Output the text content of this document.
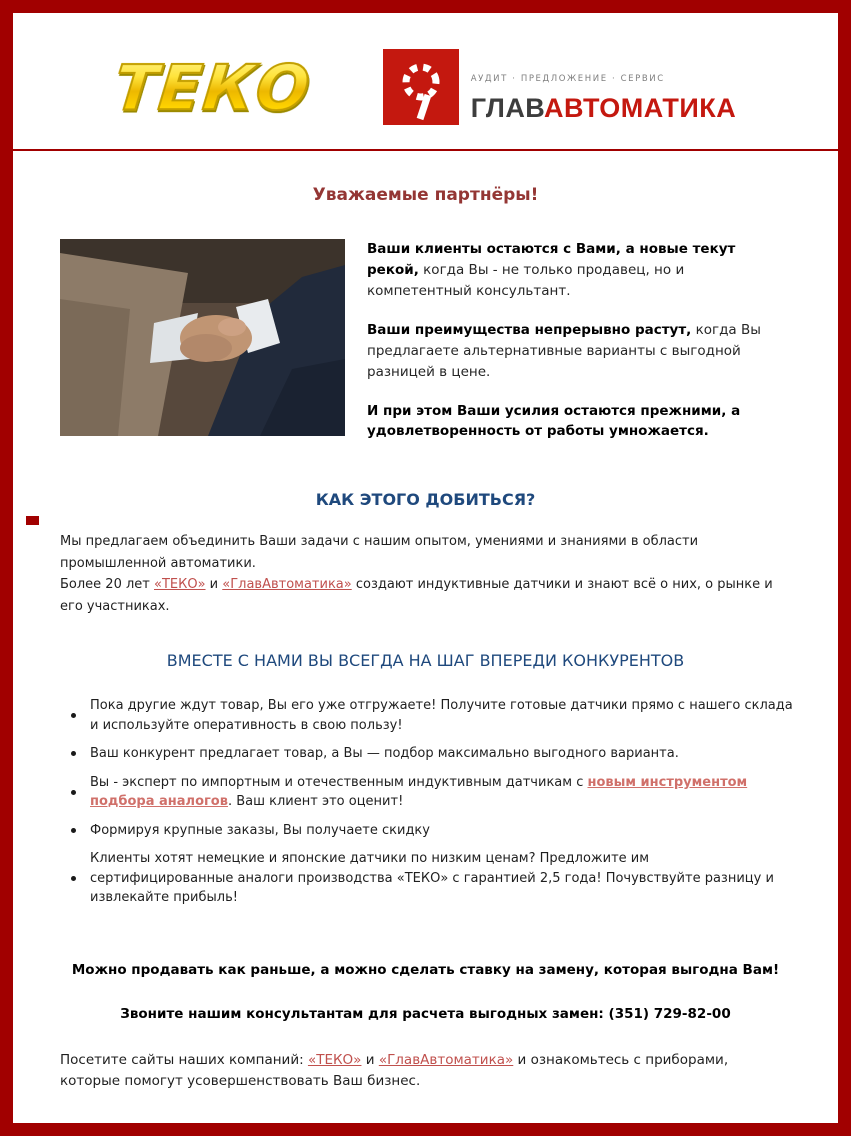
ТЕКО	АУДИТ · ПРЕДЛОЖЕНИЕ · СЕРВИС
ГЛАВАВТОМАТИКА
Уважаемые партнёры!

Ваши клиенты остаются с Вами, а новые текут рекой, когда Вы - не только продавец, но и компетентный консультант.

Ваши преимущества непрерывно растут, когда Вы предлагаете альтернативные варианты с выгодной разницей в цене.

И при этом Ваши усилия остаются прежними, а удовлетворенность от работы умножается.

КАК ЭТОГО ДОБИТЬСЯ?
Мы предлагаем объединить Ваши задачи с нашим опытом, умениями и знаниями в области промышленной автоматики.
Более 20 лет «ТЕКО» и «ГлавАвтоматика» создают индуктивные датчики и знают всё о них, о рынке и его участниках.
ВМЕСТЕ С НАМИ ВЫ ВСЕГДА НА ШАГ ВПЕРЕДИ КОНКУРЕНТОВ
Пока другие ждут товар, Вы его уже отгружаете! Получите готовые датчики прямо с нашего склада и используйте оперативность в свою пользу!
Ваш конкурент предлагает товар, а Вы — подбор максимально выгодного варианта.
Вы - эксперт по импортным и отечественным индуктивным датчикам с новым инструментом подбора аналогов. Ваш клиент это оценит!
Формируя крупные заказы, Вы получаете скидку
Клиенты хотят немецкие и японские датчики по низким ценам? Предложите им сертифицированные аналоги производства «ТЕКО» с гарантией 2,5 года! Почувствуйте разницу и извлекайте прибыль!

Можно продавать как раньше, а можно сделать ставку на замену, которая выгодна Вам!

Звоните нашим консультантам для расчета выгодных замен: (351) 729-82-00

Посетите сайты наших компаний: «ТЕКО» и «ГлавАвтоматика» и ознакомьтесь с приборами, которые помогут усовершенствовать Ваш бизнес.
